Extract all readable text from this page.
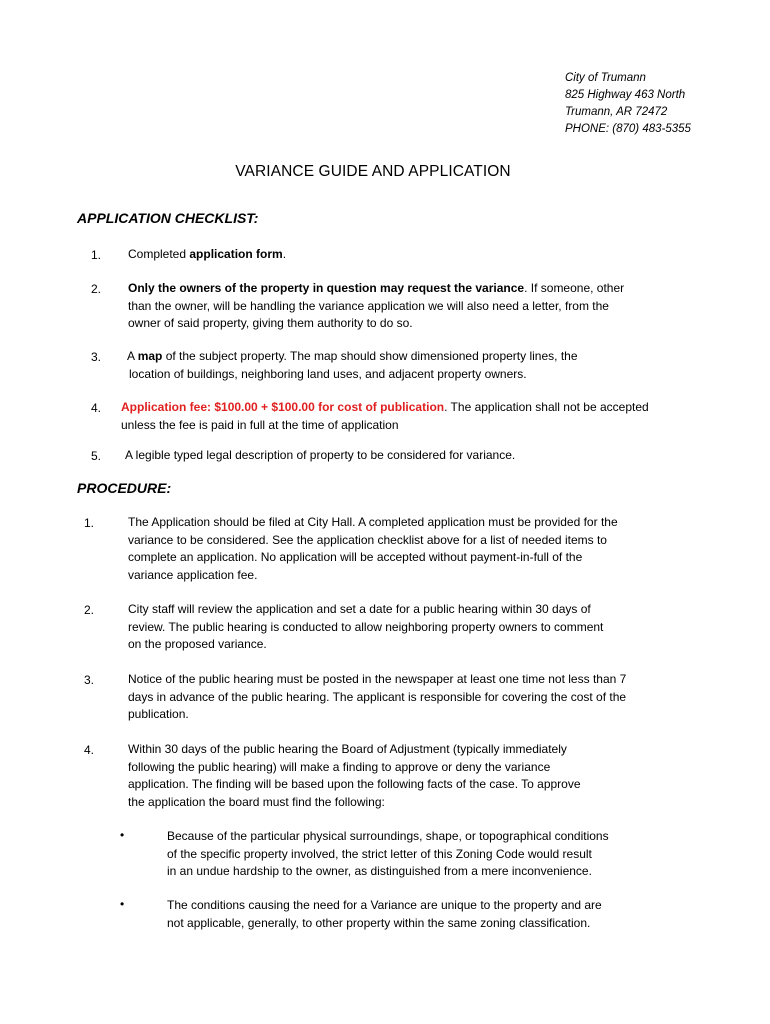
City of Trumann
825 Highway 463 North
Trumann, AR 72472
PHONE: (870) 483-5355
VARIANCE GUIDE AND APPLICATION
APPLICATION CHECKLIST:
1. Completed application form.
2. Only the owners of the property in question may request the variance. If someone, other
than the owner, will be handling the variance application we will also need a letter, from the
owner of said property, giving them authority to do so.
3. A map of the subject property. The map should show dimensioned property lines, the
location of buildings, neighboring land uses, and adjacent property owners.
4. Application fee: $100.00 + $100.00 for cost of publication. The application shall not be accepted
unless the fee is paid in full at the time of application
5. A legible typed legal description of property to be considered for variance.
PROCEDURE:
1.	The Application should be filed at City Hall. A completed application must be provided for the
variance to be considered. See the application checklist above for a list of needed items to
complete an application. No application will be accepted without payment-in-full of the
variance application fee.
2.	City staff will review the application and set a date for a public hearing within 30 days of
review. The public hearing is conducted to allow neighboring property owners to comment
on the proposed variance.
3.	Notice of the public hearing must be posted in the newspaper at least one time not less than 7
days in advance of the public hearing. The applicant is responsible for covering the cost of the
publication.
4.	Within 30 days of the public hearing the Board of Adjustment (typically immediately
following the public hearing) will make a finding to approve or deny the variance
application. The finding will be based upon the following facts of the case. To approve
the application the board must find the following:
•	Because of the particular physical surroundings, shape, or topographical conditions
of the specific property involved, the strict letter of this Zoning Code would result
in an undue hardship to the owner, as distinguished from a mere inconvenience.
•	The conditions causing the need for a Variance are unique to the property and are
not applicable, generally, to other property within the same zoning classification.
